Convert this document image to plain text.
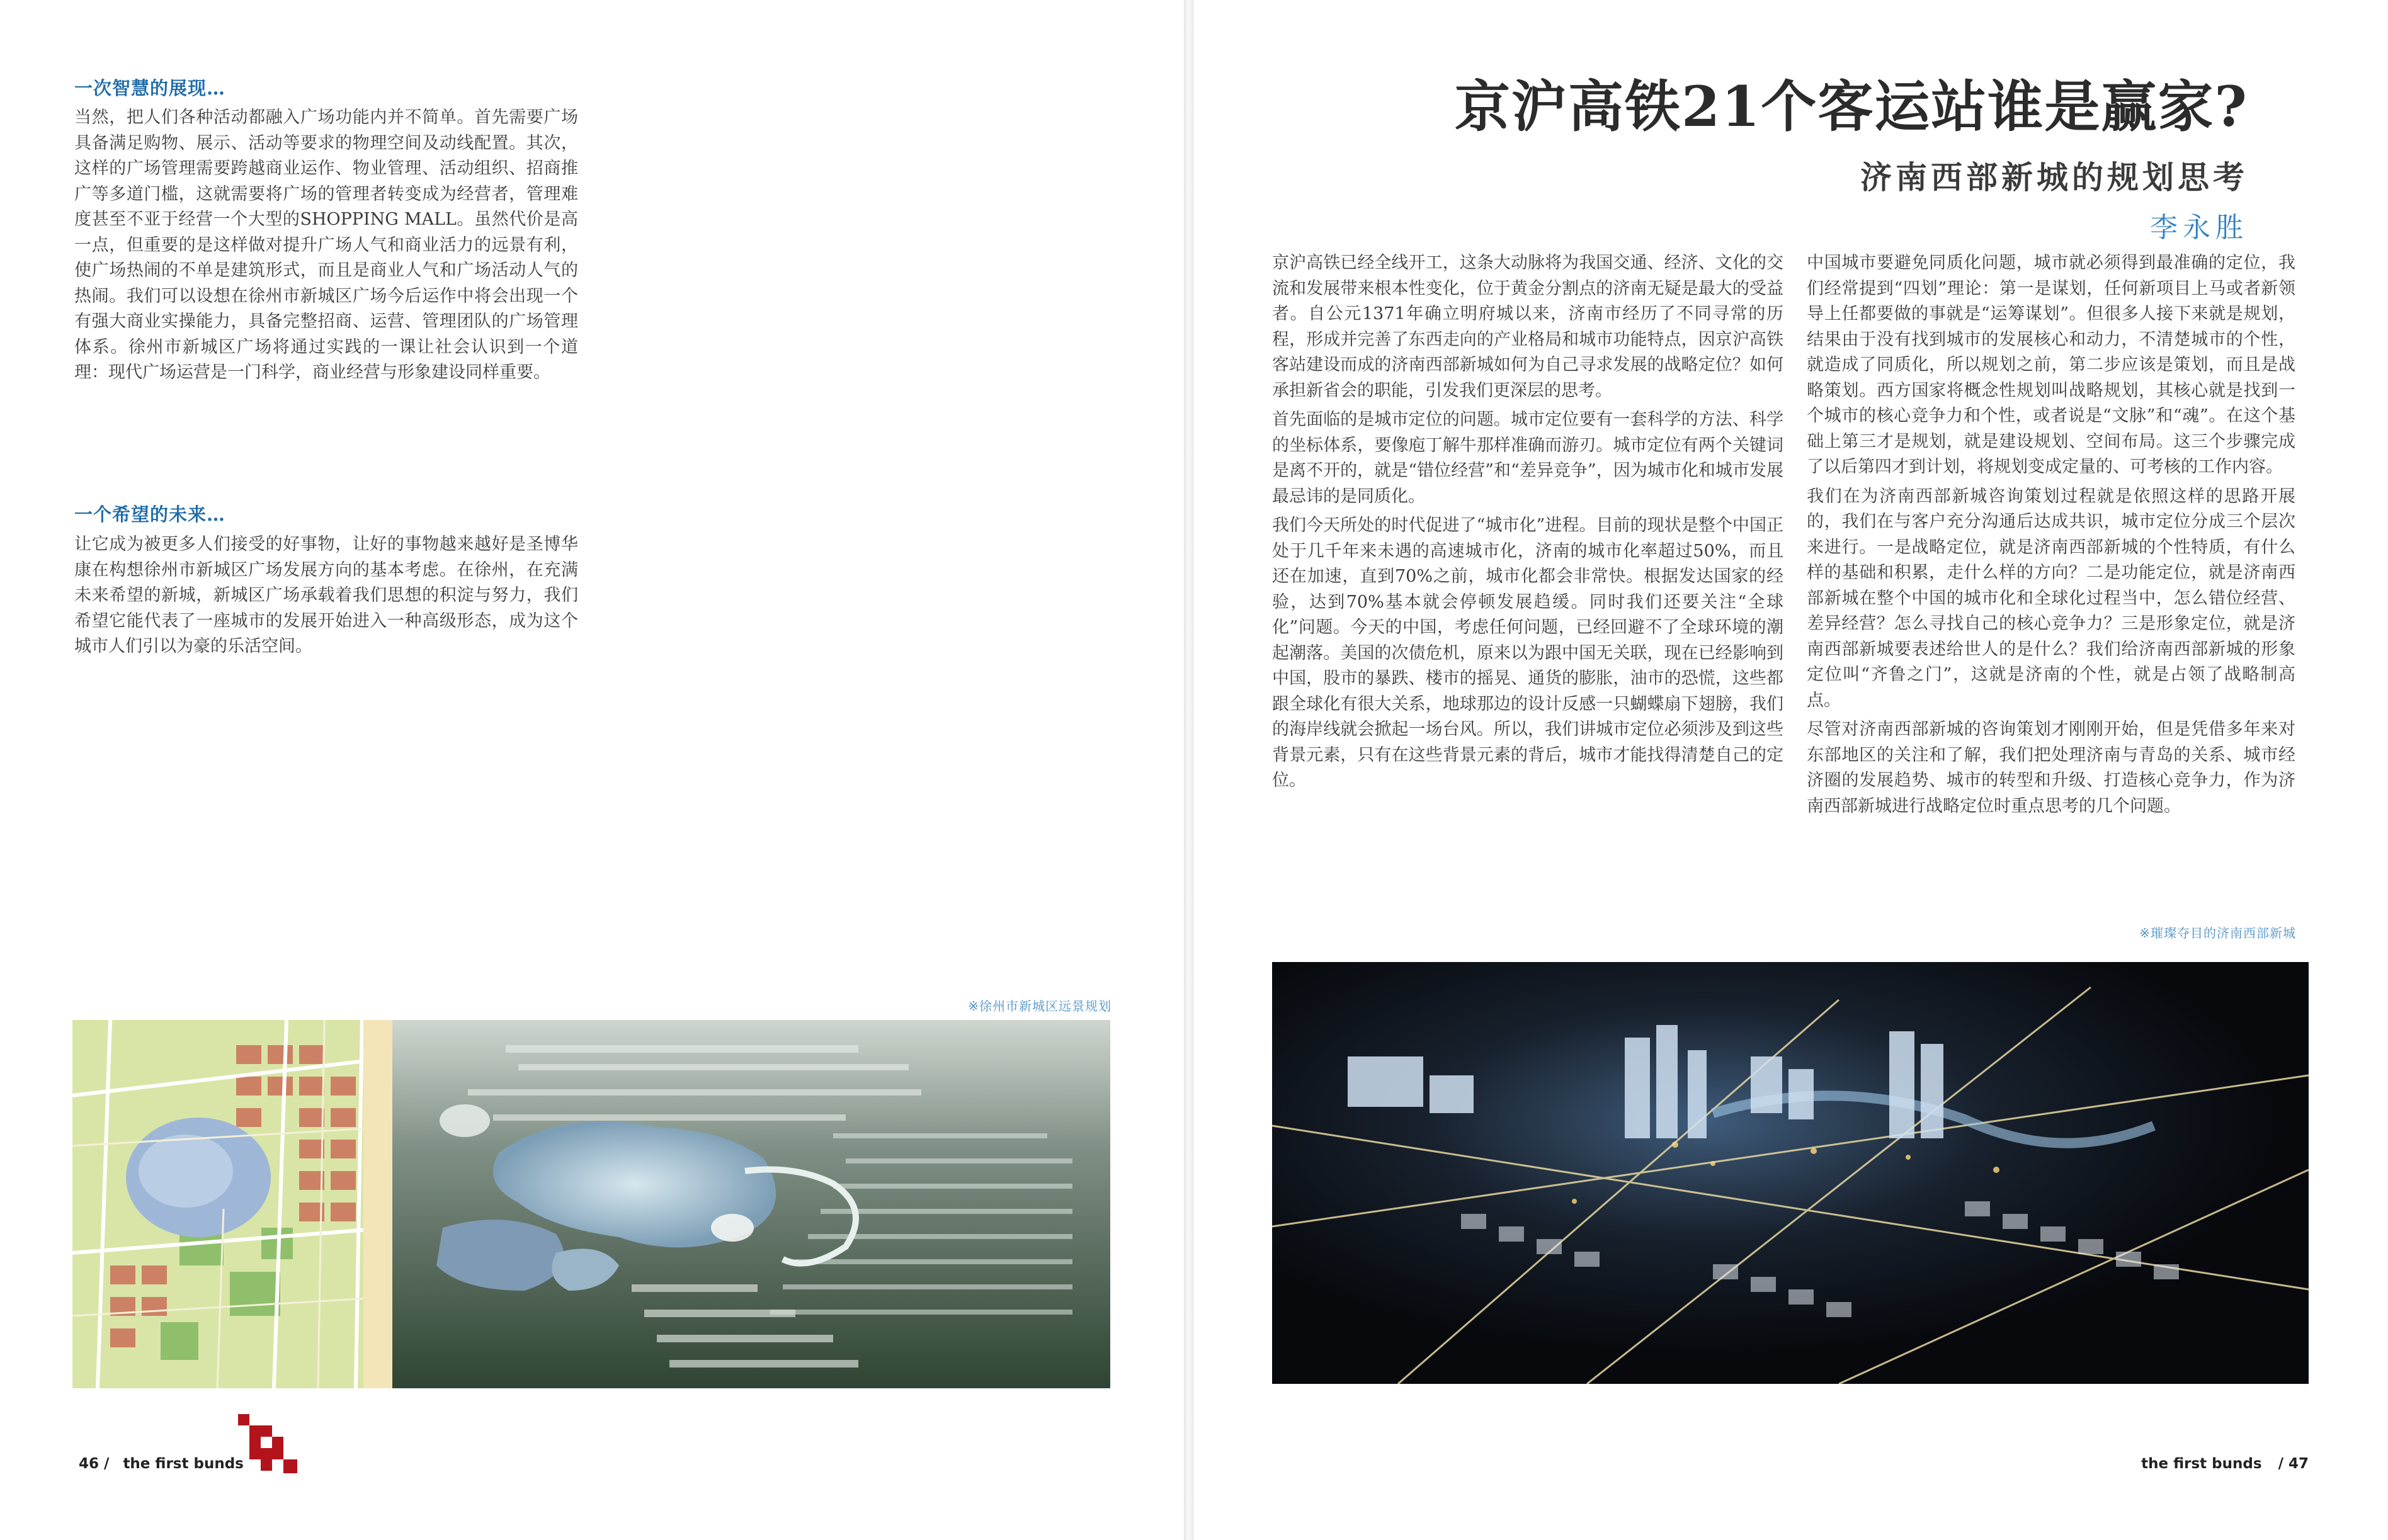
一次智慧的展现…

当然，把人们各种活动都融入广场功能内并不简单。首先需要广场具备满足购物、展示、活动等要求的物理空间及动线配置。其次，这样的广场管理需要跨越商业运作、物业管理、活动组织、招商推广等多道门槛，这就需要将广场的管理者转变成为经营者，管理难度甚至不亚于经营一个大型的SHOPPING MALL。虽然代价是高一点，但重要的是这样做对提升广场人气和商业活力的远景有利，使广场热闹的不单是建筑形式，而且是商业人气和广场活动人气的热闹。我们可以设想在徐州市新城区广场今后运作中将会出现一个有强大商业实操能力，具备完整招商、运营、管理团队的广场管理体系。徐州市新城区广场将通过实践的一课让社会认识到一个道理：现代广场运营是一门科学，商业经营与形象建设同样重要。

一个希望的未来…

让它成为被更多人们接受的好事物，让好的事物越来越好是圣博华康在构想徐州市新城区广场发展方向的基本考虑。在徐州，在充满未来希望的新城，新城区广场承载着我们思想的积淀与努力，我们希望它能代表了一座城市的发展开始进入一种高级形态，成为这个城市人们引以为豪的乐活空间。

※徐州市新城区远景规划
46 / the first bunds
京沪高铁21个客运站谁是赢家?
济南西部新城的规划思考
李永胜

京沪高铁已经全线开工，这条大动脉将为我国交通、经济、文化的交流和发展带来根本性变化，位于黄金分割点的济南无疑是最大的受益者。自公元1371年确立明府城以来，济南市经历了不同寻常的历程，形成并完善了东西走向的产业格局和城市功能特点，因京沪高铁客站建设而成的济南西部新城如何为自己寻求发展的战略定位？如何承担新省会的职能，引发我们更深层的思考。

首先面临的是城市定位的问题。城市定位要有一套科学的方法、科学的坐标体系，要像庖丁解牛那样准确而游刃。城市定位有两个关键词是离不开的，就是“错位经营”和“差异竞争”，因为城市化和城市发展最忌讳的是同质化。

我们今天所处的时代促进了“城市化”进程。目前的现状是整个中国正处于几千年来未遇的高速城市化，济南的城市化率超过50%，而且还在加速，直到70%之前，城市化都会非常快。根据发达国家的经验，达到70%基本就会停顿发展趋缓。同时我们还要关注“全球化”问题。今天的中国，考虑任何问题，已经回避不了全球环境的潮起潮落。美国的次债危机，原来以为跟中国无关联，现在已经影响到中国，股市的暴跌、楼市的摇晃、通货的膨胀，油市的恐慌，这些都跟全球化有很大关系，地球那边的设计反感一只蝴蝶扇下翅膀，我们的海岸线就会掀起一场台风。所以，我们讲城市定位必须涉及到这些背景元素，只有在这些背景元素的背后，城市才能找得清楚自己的定位。

中国城市要避免同质化问题，城市就必须得到最准确的定位，我们经常提到“四划”理论：第一是谋划，任何新项目上马或者新领导上任都要做的事就是“运筹谋划”。但很多人接下来就是规划，结果由于没有找到城市的发展核心和动力，不清楚城市的个性，就造成了同质化，所以规划之前，第二步应该是策划，而且是战略策划。西方国家将概念性规划叫战略规划，其核心就是找到一个城市的核心竞争力和个性，或者说是“文脉”和“魂”。在这个基础上第三才是规划，就是建设规划、空间布局。这三个步骤完成了以后第四才到计划，将规划变成定量的、可考核的工作内容。

我们在为济南西部新城咨询策划过程就是依照这样的思路开展的，我们在与客户充分沟通后达成共识，城市定位分成三个层次来进行。一是战略定位，就是济南西部新城的个性特质，有什么样的基础和积累，走什么样的方向？二是功能定位，就是济南西部新城在整个中国的城市化和全球化过程当中，怎么错位经营、差异经营？怎么寻找自己的核心竞争力？三是形象定位，就是济南西部新城要表述给世人的是什么？我们给济南西部新城的形象定位叫“齐鲁之门”，这就是济南的个性，就是占领了战略制高点。

尽管对济南西部新城的咨询策划才刚刚开始，但是凭借多年来对东部地区的关注和了解，我们把处理济南与青岛的关系、城市经济圈的发展趋势、城市的转型和升级、打造核心竞争力，作为济南西部新城进行战略定位时重点思考的几个问题。

※璀璨夺目的济南西部新城
the first bunds / 47
